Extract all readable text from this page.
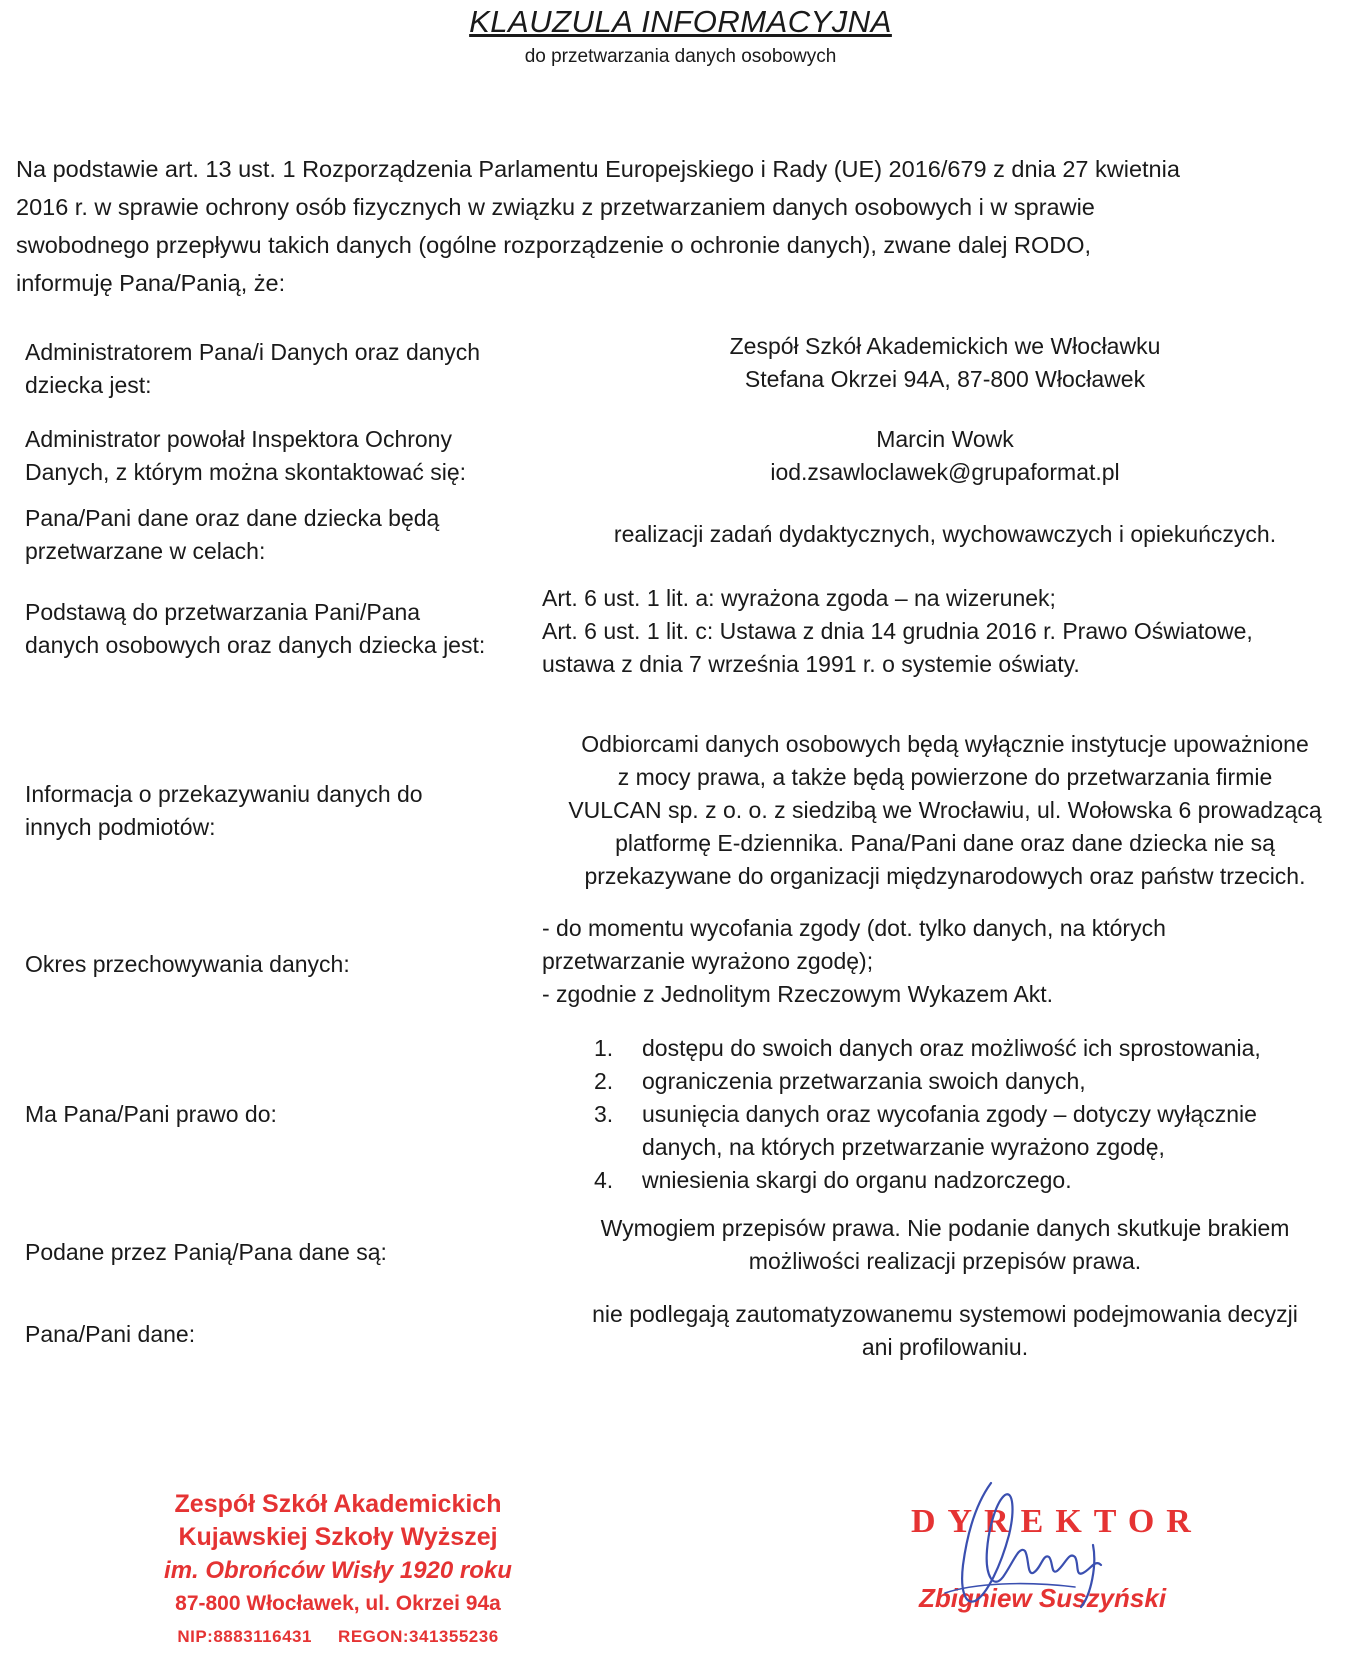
KLAUZULA INFORMACYJNA
do przetwarzania danych osobowych
Na podstawie art. 13 ust. 1 Rozporządzenia Parlamentu Europejskiego i Rady (UE) 2016/679 z dnia 27 kwietnia
2016 r. w sprawie ochrony osób fizycznych w związku z przetwarzaniem danych osobowych i w sprawie
swobodnego przepływu takich danych (ogólne rozporządzenie o ochronie danych), zwane dalej RODO,
informuję Pana/Panią, że:
Administratorem Pana/i Danych oraz danych
dziecka jest:
Zespół Szkół Akademickich we Włocławku
Stefana Okrzei 94A, 87-800 Włocławek
Administrator powołał Inspektora Ochrony
Danych, z którym można skontaktować się:
Marcin Wowk
iod.zsawloclawek@grupaformat.pl
Pana/Pani dane oraz dane dziecka będą
przetwarzane w celach:
realizacji zadań dydaktycznych, wychowawczych i opiekuńczych.
Podstawą do przetwarzania Pani/Pana
danych osobowych oraz danych dziecka jest:
Art. 6 ust. 1 lit. a: wyrażona zgoda – na wizerunek;
Art. 6 ust. 1 lit. c: Ustawa z dnia 14 grudnia 2016 r. Prawo Oświatowe,
ustawa z dnia 7 września 1991 r. o systemie oświaty.
Informacja o przekazywaniu danych do
innych podmiotów:
Odbiorcami danych osobowych będą wyłącznie instytucje upoważnione
z mocy prawa, a także będą powierzone do przetwarzania firmie
VULCAN sp. z o. o. z siedzibą we Wrocławiu, ul. Wołowska 6 prowadzącą
platformę E-dziennika. Pana/Pani dane oraz dane dziecka nie są
przekazywane do organizacji międzynarodowych oraz państw trzecich.
Okres przechowywania danych:
- do momentu wycofania zgody (dot. tylko danych, na których
przetwarzanie wyrażono zgodę);
- zgodnie z Jednolitym Rzeczowym Wykazem Akt.
Ma Pana/Pani prawo do:
1. dostępu do swoich danych oraz możliwość ich sprostowania,
2. ograniczenia przetwarzania swoich danych,
3. usunięcia danych oraz wycofania zgody – dotyczy wyłącznie
danych, na których przetwarzanie wyrażono zgodę,
4. wniesienia skargi do organu nadzorczego.
Podane przez Panią/Pana dane są:
Wymogiem przepisów prawa. Nie podanie danych skutkuje brakiem
możliwości realizacji przepisów prawa.
Pana/Pani dane:
nie podlegają zautomatyzowanemu systemowi podejmowania decyzji
ani profilowaniu.
Zespół Szkół Akademickich
Kujawskiej Szkoły Wyższej
im. Obrońców Wisły 1920 roku
87-800 Włocławek, ul. Okrzei 94a
NIP:8883116431     REGON:341355236
DYREKTOR
Zbigniew Suszyński
